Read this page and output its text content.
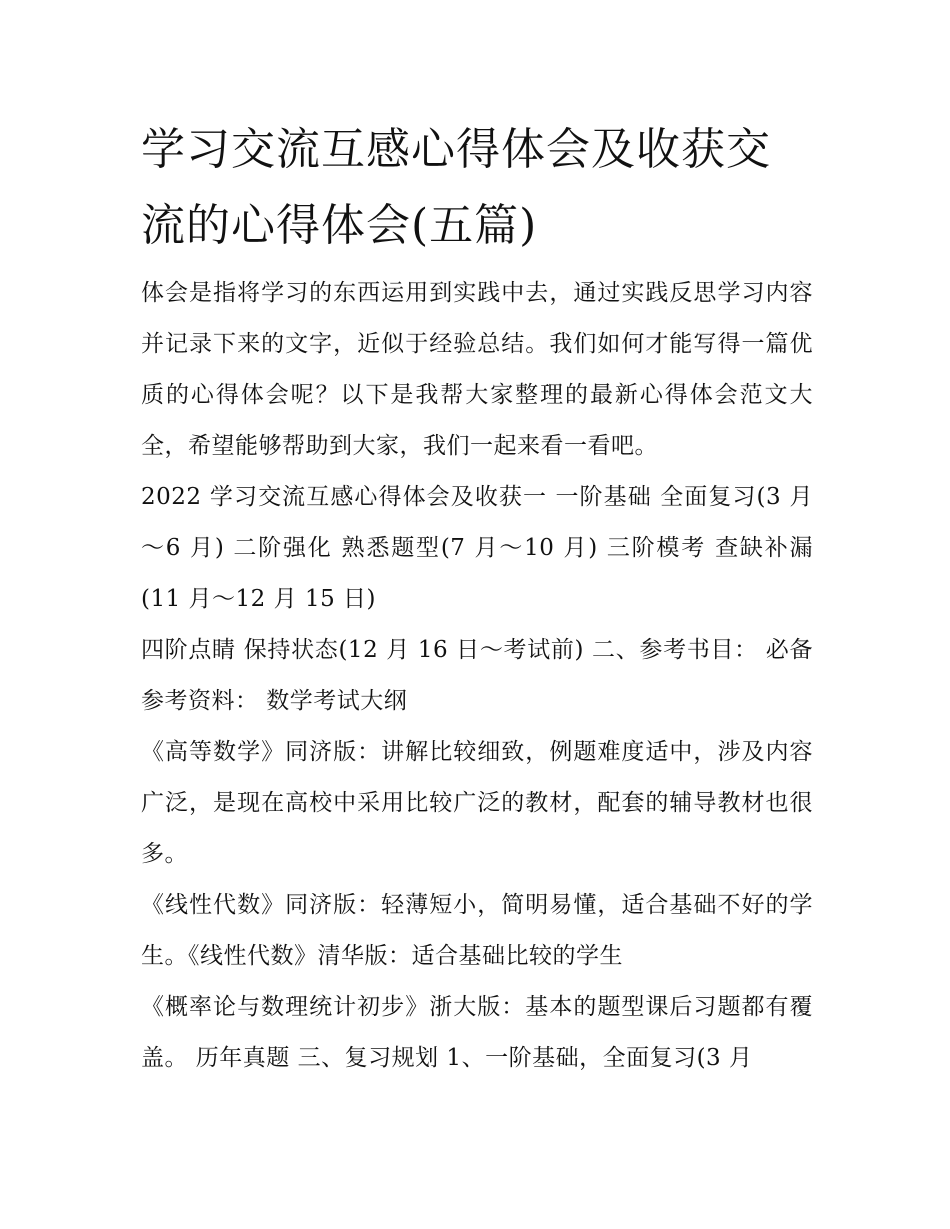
学习交流互感心得体会及收获交流的心得体会(五篇)

体会是指将学习的东西运用到实践中去，通过实践反思学习内容并记录下来的文字，近似于经验总结。我们如何才能写得一篇优质的心得体会呢？以下是我帮大家整理的最新心得体会范文大全，希望能够帮助到大家，我们一起来看一看吧。

2022 学习交流互感心得体会及收获一 一阶基础 全面复习(3 月～6 月) 二阶强化 熟悉题型(7 月～10 月) 三阶模考 查缺补漏(11 月～12 月 15 日)

四阶点睛 保持状态(12 月 16 日～考试前) 二、参考书目： 必备参考资料： 数学考试大纲

《高等数学》同济版：讲解比较细致，例题难度适中，涉及内容广泛，是现在高校中采用比较广泛的教材，配套的辅导教材也很多。

《线性代数》同济版：轻薄短小，简明易懂，适合基础不好的学生。《线性代数》清华版：适合基础比较的学生

《概率论与数理统计初步》浙大版：基本的题型课后习题都有覆盖。 历年真题 三、复习规划 1、一阶基础，全面复习(3 月
